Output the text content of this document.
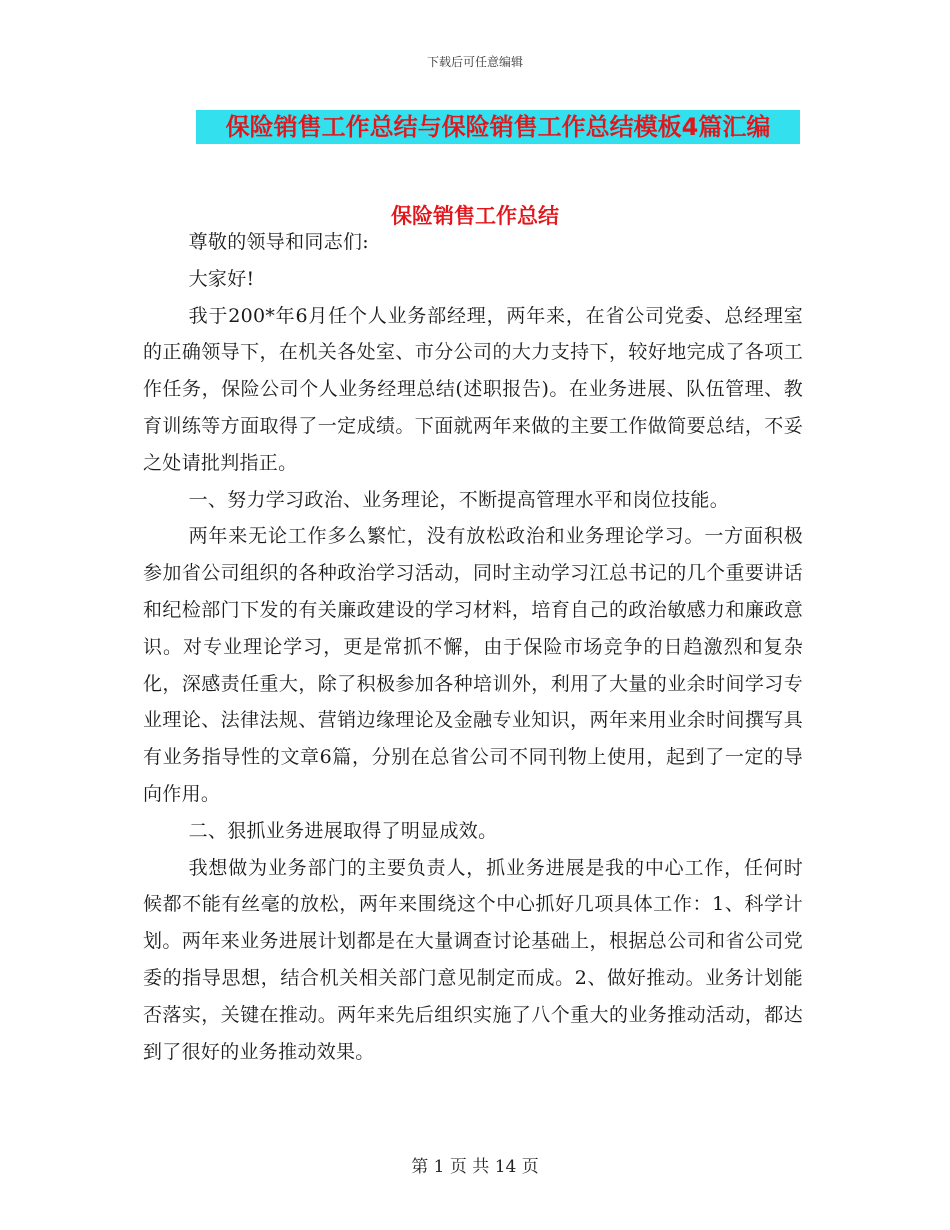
下载后可任意编辑
保险销售工作总结与保险销售工作总结模板4篇汇编
保险销售工作总结

尊敬的领导和同志们:

大家好!

我于200*年6月任个人业务部经理，两年来，在省公司党委、总经理室的正确领导下，在机关各处室、市分公司的大力支持下，较好地完成了各项工作任务，保险公司个人业务经理总结(述职报告)。在业务进展、队伍管理、教育训练等方面取得了一定成绩。下面就两年来做的主要工作做简要总结，不妥之处请批判指正。

一、努力学习政治、业务理论，不断提高管理水平和岗位技能。

两年来无论工作多么繁忙，没有放松政治和业务理论学习。一方面积极参加省公司组织的各种政治学习活动，同时主动学习江总书记的几个重要讲话和纪检部门下发的有关廉政建设的学习材料，培育自己的政治敏感力和廉政意识。对专业理论学习，更是常抓不懈，由于保险市场竞争的日趋激烈和复杂化，深感责任重大，除了积极参加各种培训外，利用了大量的业余时间学习专业理论、法律法规、营销边缘理论及金融专业知识，两年来用业余时间撰写具有业务指导性的文章6篇，分别在总省公司不同刊物上使用，起到了一定的导向作用。

二、狠抓业务进展取得了明显成效。

我想做为业务部门的主要负责人，抓业务进展是我的中心工作，任何时候都不能有丝毫的放松，两年来围绕这个中心抓好几项具体工作：1、科学计划。两年来业务进展计划都是在大量调查讨论基础上，根据总公司和省公司党委的指导思想，结合机关相关部门意见制定而成。2、做好推动。业务计划能否落实，关键在推动。两年来先后组织实施了八个重大的业务推动活动，都达到了很好的业务推动效果。

第 1 页 共 14 页
